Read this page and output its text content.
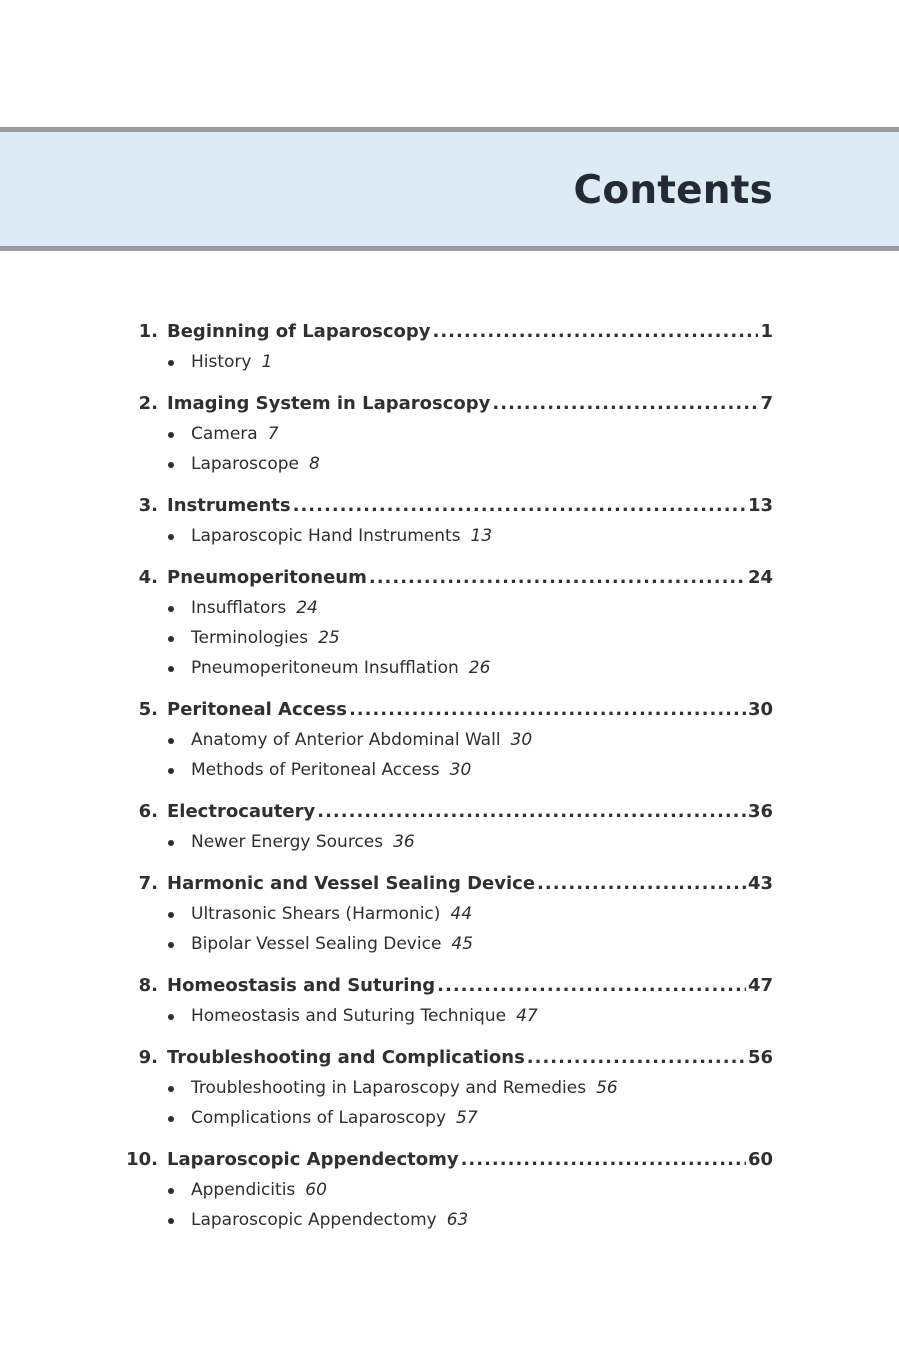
Contents
1. Beginning of Laparoscopy .....	1
History 1
2. Imaging System in Laparoscopy .....	7
Camera 7
Laparoscope 8
3. Instruments .....	13
Laparoscopic Hand Instruments 13
4. Pneumoperitoneum .....	24
Insufflators 24
Terminologies 25
Pneumoperitoneum Insufflation 26
5. Peritoneal Access .....	30
Anatomy of Anterior Abdominal Wall 30
Methods of Peritoneal Access 30
6. Electrocautery .....	36
Newer Energy Sources 36
7. Harmonic and Vessel Sealing Device .....	43
Ultrasonic Shears (Harmonic) 44
Bipolar Vessel Sealing Device 45
8. Homeostasis and Suturing .....	47
Homeostasis and Suturing Technique 47
9. Troubleshooting and Complications .....	56
Troubleshooting in Laparoscopy and Remedies 56
Complications of Laparoscopy 57
10. Laparoscopic Appendectomy .....	60
Appendicitis 60
Laparoscopic Appendectomy 63
